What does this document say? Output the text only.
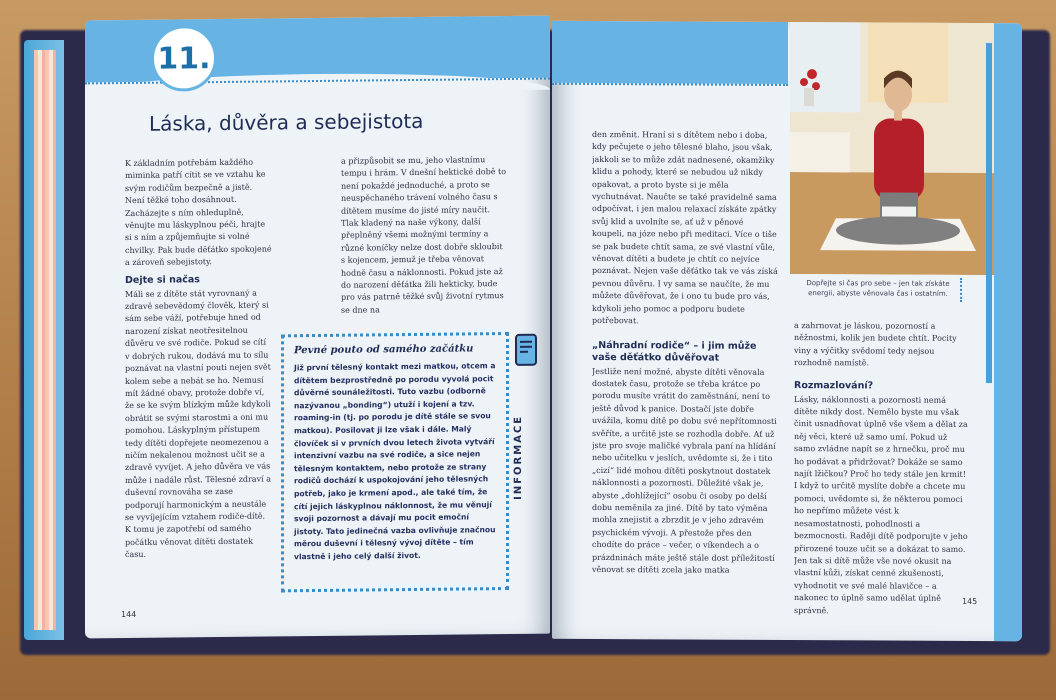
11.
Láska, důvěra a sebejistota
K základním potřebám každého miminka patří cítit se ve vztahu ke svým rodičům bezpečně a jistě. Není těžké toho dosáhnout. Zacházejte s ním ohleduplně, věnujte mu láskyplnou péči, hrajte si s ním a způjemňujte si volné chvilky. Pak bude děťátko spokojené a zároveň sebejistoty.
Dejte si načas
Máli se z dítěte stát vyrovnaný a zdravě sebevědomý člověk, který si sám sebe váží, potřebuje hned od narození získat neotřesitelnou důvěru ve své rodiče. Pokud se cítí v dobrých rukou, dodává mu to sílu poznávat na vlastní pouti nejen svět kolem sebe a nebát se ho. Nemusí mít žádné obavy, protože dobře ví, že se ke svým blízkým může kdykoli obrátit se svými starostmi a oni mu pomohou. Láskyplným přístupem tedy dítěti dopřejete neomezenou a ničím nekalenou možnost učit se a zdravě vyvíjet. A jeho důvěra ve vás může i nadále růst. Tělesné zdraví a duševní rovnováha se zase podporují harmonickým a neustále se vyvíjejícím vztahem rodiče-dítě. K tomu je zapotřebí od samého počátku věnovat dítěti dostatek času.
a přizpůsobit se mu, jeho vlastnímu tempu i hrám. V dnešní hektické době to není pokaždé jednoduché, a proto se neuspěchaného trávení volného času s dítětem musíme do jisté míry naučit. Tlak kladený na naše výkony, další přeplněný všemi možnými termíny a různé koníčky nelze dost dobře skloubit s kojencem, jemuž je třeba věnovat hodně času a náklonnosti. Pokud jste až do narození děťátka žili hekticky, bude pro vás patrně těžké svůj životní rytmus se dne na
Pevné pouto od samého začátku
Již první tělesný kontakt mezi matkou, otcem a dítětem bezprostředně po porodu vyvolá pocit důvěrné sounáležitosti. Tuto vazbu (odborně nazývanou „bonding“) utuží i kojení a tzv. roaming-in (tj. po porodu je dítě stále se svou matkou). Posilovat ji lze však i dále. Malý človíček si v prvních dvou letech života vytváří intenzivní vazbu na své rodiče, a sice nejen tělesným kontaktem, nebo protože ze strany rodičů dochází k uspokojování jeho tělesných potřeb, jako je krmení apod., ale také tím, že cítí jejich láskyplnou náklonnost, že mu věnují svoji pozornost a dávají mu pocit emoční jistoty. Tato jedinečná vazba ovlivňuje značnou měrou duševní i tělesný vývoj dítěte – tím vlastně i jeho celý další život.
INFORMACE
144
Dopřejte si čas pro sebe – jen tak získáte energii, abyste věnovala čas i ostatním.
den změnit. Hraní si s dítětem nebo i doba, kdy pečujete o jeho tělesné blaho, jsou však, jakkoli se to může zdát nadnesené, okamžiky klidu a pohody, které se nebudou už nikdy opakovat, a proto byste si je měla vychutnávat. Naučte se také pravidelně sama odpočívat, i jen malou relaxací získáte zpátky svůj klid a uvolníte se, ať už v pěnové koupeli, na józe nebo při meditaci. Více o tiše se pak budete chtít sama, ze své vlastní vůle, věnovat dítěti a budete je chtít co nejvíce poznávat. Nejen vaše děťátko tak ve vás získá pevnou důvěru. I vy sama se naučíte, že mu můžete důvěřovat, že i ono tu bude pro vás, kdykoli jeho pomoc a podporu budete potřebovat.
„Náhradní rodiče“ – i jim může vaše děťátko důvěřovat
Jestliže není možné, abyste dítěti věnovala dostatek času, protože se třeba krátce po porodu musíte vrátit do zaměstnání, není to ještě důvod k panice. Dostačí jste dobře uvážila, komu dítě po dobu své nepřítomnosti svěříte, a určitě jste se rozhodla dobře. Ať už jste pro svoje maličké vybrala paní na hlídání nebo učitelku v jeslích, uvědomte si, že i tito „cizí“ lidé mohou dítěti poskytnout dostatek náklonnosti a pozornosti. Důležité však je, abyste „dohlížející“ osobu či osoby po delší dobu neměnila za jiné. Dítě by tato výměna mohla znejistit a zbrzdit je v jeho zdravém psychickém vývoji. A přestože přes den chodíte do práce – večer, o víkendech a o prázdninách máte ještě stále dost příležitostí věnovat se dítěti zcela jako matka
a zahrnovat je láskou, pozorností a něžnostmi, kolik jen budete chtít. Pocity viny a výčitky svědomí tedy nejsou rozhodně namístě.
Rozmazlování?
Lásky, náklonnosti a pozornosti nemá dítěte nikdy dost. Nemělo byste mu však činit usnadňovat úplně vše všem a dělat za něj věci, které už samo umí. Pokud už samo zvládne napít se z hrnečku, proč mu ho podávat a přidržovat? Dokáže se samo najít lžičkou? Proč ho tedy stále jen krmit! I když to určitě myslíte dobře a chcete mu pomoci, uvědomte si, že některou pomoci ho nepřímo můžete vést k nesamostatnosti, pohodlnosti a bezmocnosti. Raději dítě podporujte v jeho přirozené touze učit se a dokázat to samo. Jen tak si dítě může vše nové okusit na vlastní kůži, získat cenné zkušenosti, vyhodnotit ve své malé hlavičce – a nakonec to úplně samo udělat úplně správně.
145
